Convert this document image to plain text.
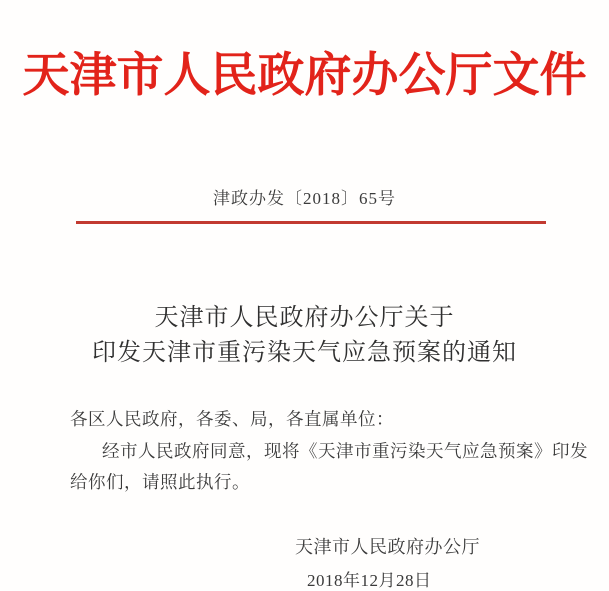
天津市人民政府办公厅文件
津政办发〔2018〕65号
天津市人民政府办公厅关于
印发天津市重污染天气应急预案的通知
各区人民政府，各委、局，各直属单位：
经市人民政府同意，现将《天津市重污染天气应急预案》印发
给你们，请照此执行。
天津市人民政府办公厅
2018年12月28日
